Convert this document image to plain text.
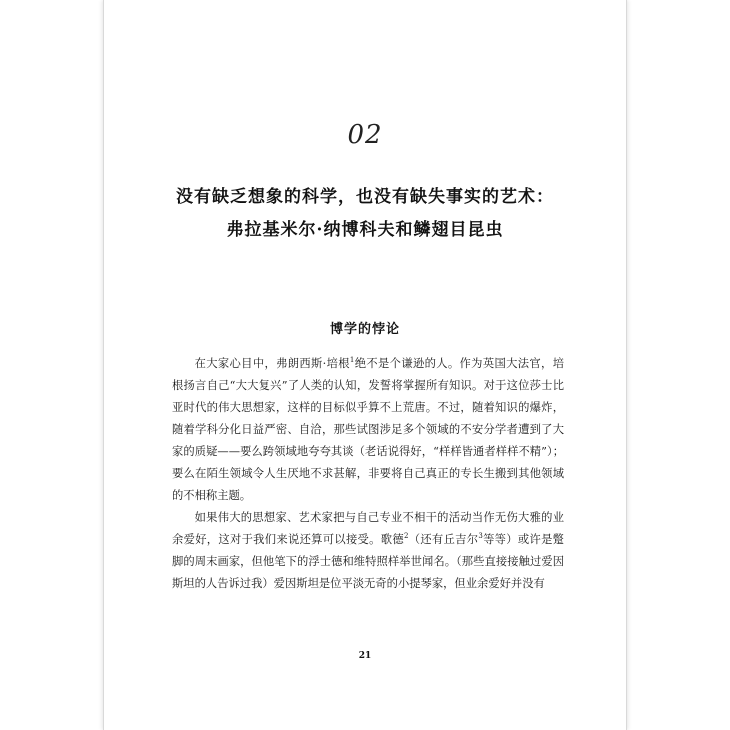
02
没有缺乏想象的科学，也没有缺失事实的艺术：
弗拉基米尔·纳博科夫和鳞翅目昆虫
博学的悖论

在大家心目中，弗朗西斯·培根$^1$绝不是个谦逊的人。作为英国大法官，培根扬言自己“大大复兴”了人类的认知，发誓将掌握所有知识。对于这位莎士比亚时代的伟大思想家，这样的目标似乎算不上荒唐。不过，随着知识的爆炸，随着学科分化日益严密、自洽，那些试图涉足多个领域的不安分学者遭到了大家的质疑——要么跨领域地夸夸其谈（老话说得好，“样样皆通者样样不精”）；要么在陌生领域令人生厌地不求甚解，非要将自己真正的专长生搬到其他领域的不相称主题。

如果伟大的思想家、艺术家把与自己专业不相干的活动当作无伤大雅的业余爱好，这对于我们来说还算可以接受。歌德$^2$（还有丘吉尔$^3$等等）或许是蹩脚的周末画家，但他笔下的浮士德和维特照样举世闻名。（那些直接接触过爱因斯坦的人告诉过我）爱因斯坦是位平淡无奇的小提琴家，但业余爱好并没有

21
